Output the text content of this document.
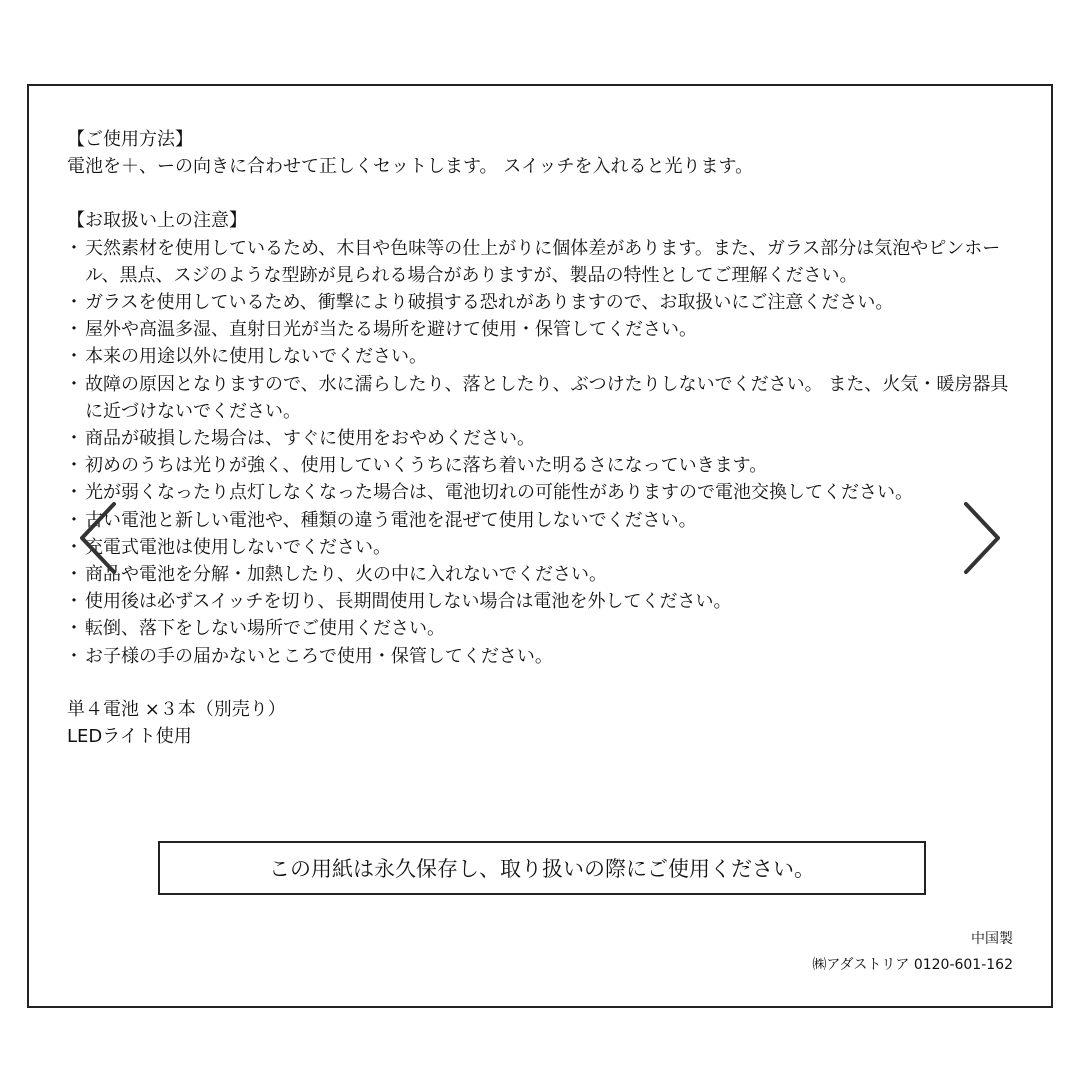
【ご使用方法】

電池を＋、ーの向きに合わせて正しくセットします。 スイッチを入れると光ります。

【お取扱い上の注意】

・ 天然素材を使用しているため、木目や色味等の仕上がりに個体差があります。また、ガラス部分は気泡やピンホール、黒点、スジのような型跡が見られる場合がありますが、製品の特性としてご理解ください。
・ ガラスを使用しているため、衝撃により破損する恐れがありますので、お取扱いにご注意ください。
・ 屋外や高温多湿、直射日光が当たる場所を避けて使用・保管してください。
・ 本来の用途以外に使用しないでください。
・ 故障の原因となりますので、水に濡らしたり、落としたり、ぶつけたりしないでください。 また、火気・暖房器具に近づけないでください。
・ 商品が破損した場合は、すぐに使用をおやめください。
・ 初めのうちは光りが強く、使用していくうちに落ち着いた明るさになっていきます。
・ 光が弱くなったり点灯しなくなった場合は、電池切れの可能性がありますので電池交換してください。
・ 古い電池と新しい電池や、種類の違う電池を混ぜて使用しないでください。
・ 充電式電池は使用しないでください。
・ 商品や電池を分解・加熱したり、火の中に入れないでください。
・ 使用後は必ずスイッチを切り、長期間使用しない場合は電池を外してください。
・ 転倒、落下をしない場所でご使用ください。
・ お子様の手の届かないところで使用・保管してください。

単４電池 ×３本（別売り）

LEDライト使用

この用紙は永久保存し、取り扱いの際にご使用ください。
中国製
㈱アダストリア 0120-601-162
